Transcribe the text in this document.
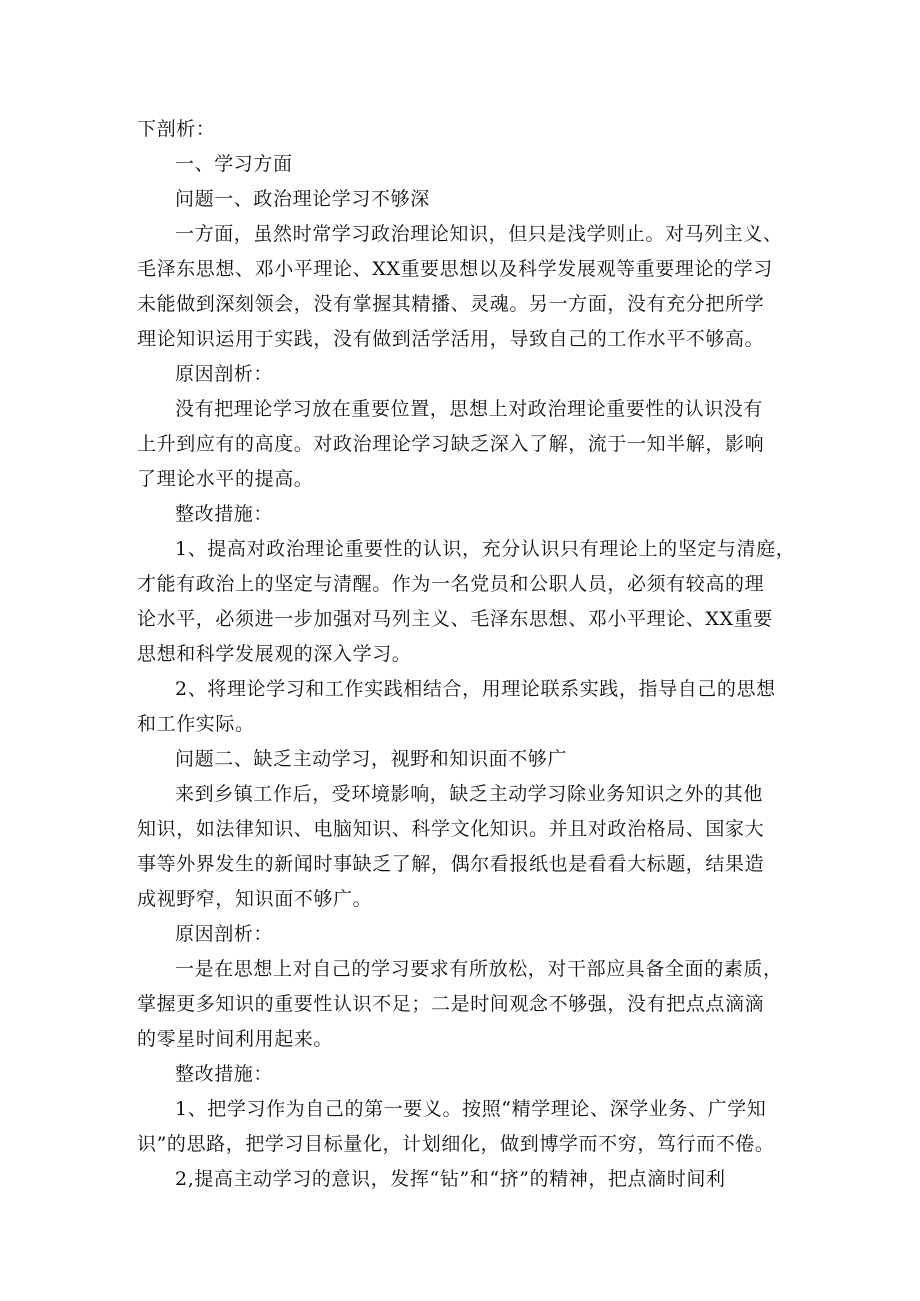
下剖析：
一、学习方面
问题一、政治理论学习不够深
一方面，虽然时常学习政治理论知识，但只是浅学则止。对马列主义、
毛泽东思想、邓小平理论、XX重要思想以及科学发展观等重要理论的学习
未能做到深刻领会，没有掌握其精播、灵魂。另一方面，没有充分把所学
理论知识运用于实践，没有做到活学活用，导致自己的工作水平不够高。
原因剖析：
没有把理论学习放在重要位置，思想上对政治理论重要性的认识没有
上升到应有的高度。对政治理论学习缺乏深入了解，流于一知半解，影响
了理论水平的提高。
整改措施：
1、提高对政治理论重要性的认识，充分认识只有理论上的坚定与清庭，
才能有政治上的坚定与清醒。作为一名党员和公职人员，必须有较高的理
论水平，必须进一步加强对马列主义、毛泽东思想、邓小平理论、XX重要
思想和科学发展观的深入学习。
2、将理论学习和工作实践相结合，用理论联系实践，指导自己的思想
和工作实际。
问题二、缺乏主动学习，视野和知识面不够广
来到乡镇工作后，受环境影响，缺乏主动学习除业务知识之外的其他
知识，如法律知识、电脑知识、科学文化知识。并且对政治格局、国家大
事等外界发生的新闻时事缺乏了解，偶尔看报纸也是看看大标题，结果造
成视野窄，知识面不够广。
原因剖析：
一是在思想上对自己的学习要求有所放松，对干部应具备全面的素质，
掌握更多知识的重要性认识不足；二是时间观念不够强，没有把点点滴滴
的零星时间利用起来。
整改措施：
1、把学习作为自己的第一要义。按照“精学理论、深学业务、广学知
识”的思路，把学习目标量化，计划细化，做到博学而不穷，笃行而不倦。
2,提高主动学习的意识，发挥“钻”和“挤”的精神，把点滴时间利
